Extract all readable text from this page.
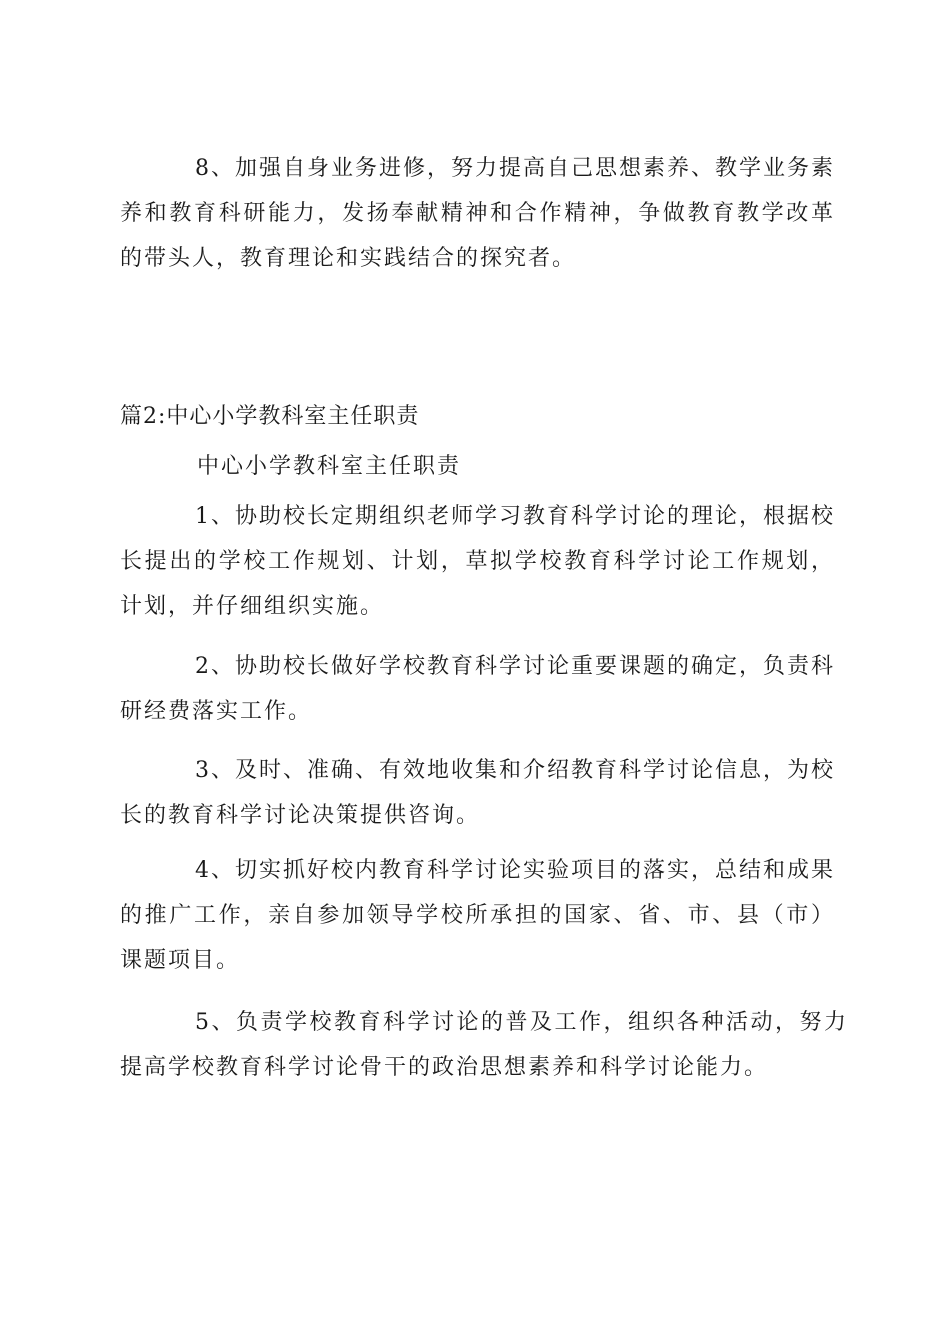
8、加强自身业务进修，努力提高自己思想素养、教学业务素养和教育科研能力，发扬奉献精神和合作精神，争做教育教学改革的带头人，教育理论和实践结合的探究者。

篇2:中心小学教科室主任职责

中心小学教科室主任职责

1、协助校长定期组织老师学习教育科学讨论的理论，根据校长提出的学校工作规划、计划，草拟学校教育科学讨论工作规划，计划，并仔细组织实施。

2、协助校长做好学校教育科学讨论重要课题的确定，负责科研经费落实工作。

3、及时、准确、有效地收集和介绍教育科学讨论信息，为校长的教育科学讨论决策提供咨询。

4、切实抓好校内教育科学讨论实验项目的落实，总结和成果的推广工作，亲自参加领导学校所承担的国家、省、市、县（市）课题项目。

5、负责学校教育科学讨论的普及工作，组织各种活动，努力提高学校教育科学讨论骨干的政治思想素养和科学讨论能力。
